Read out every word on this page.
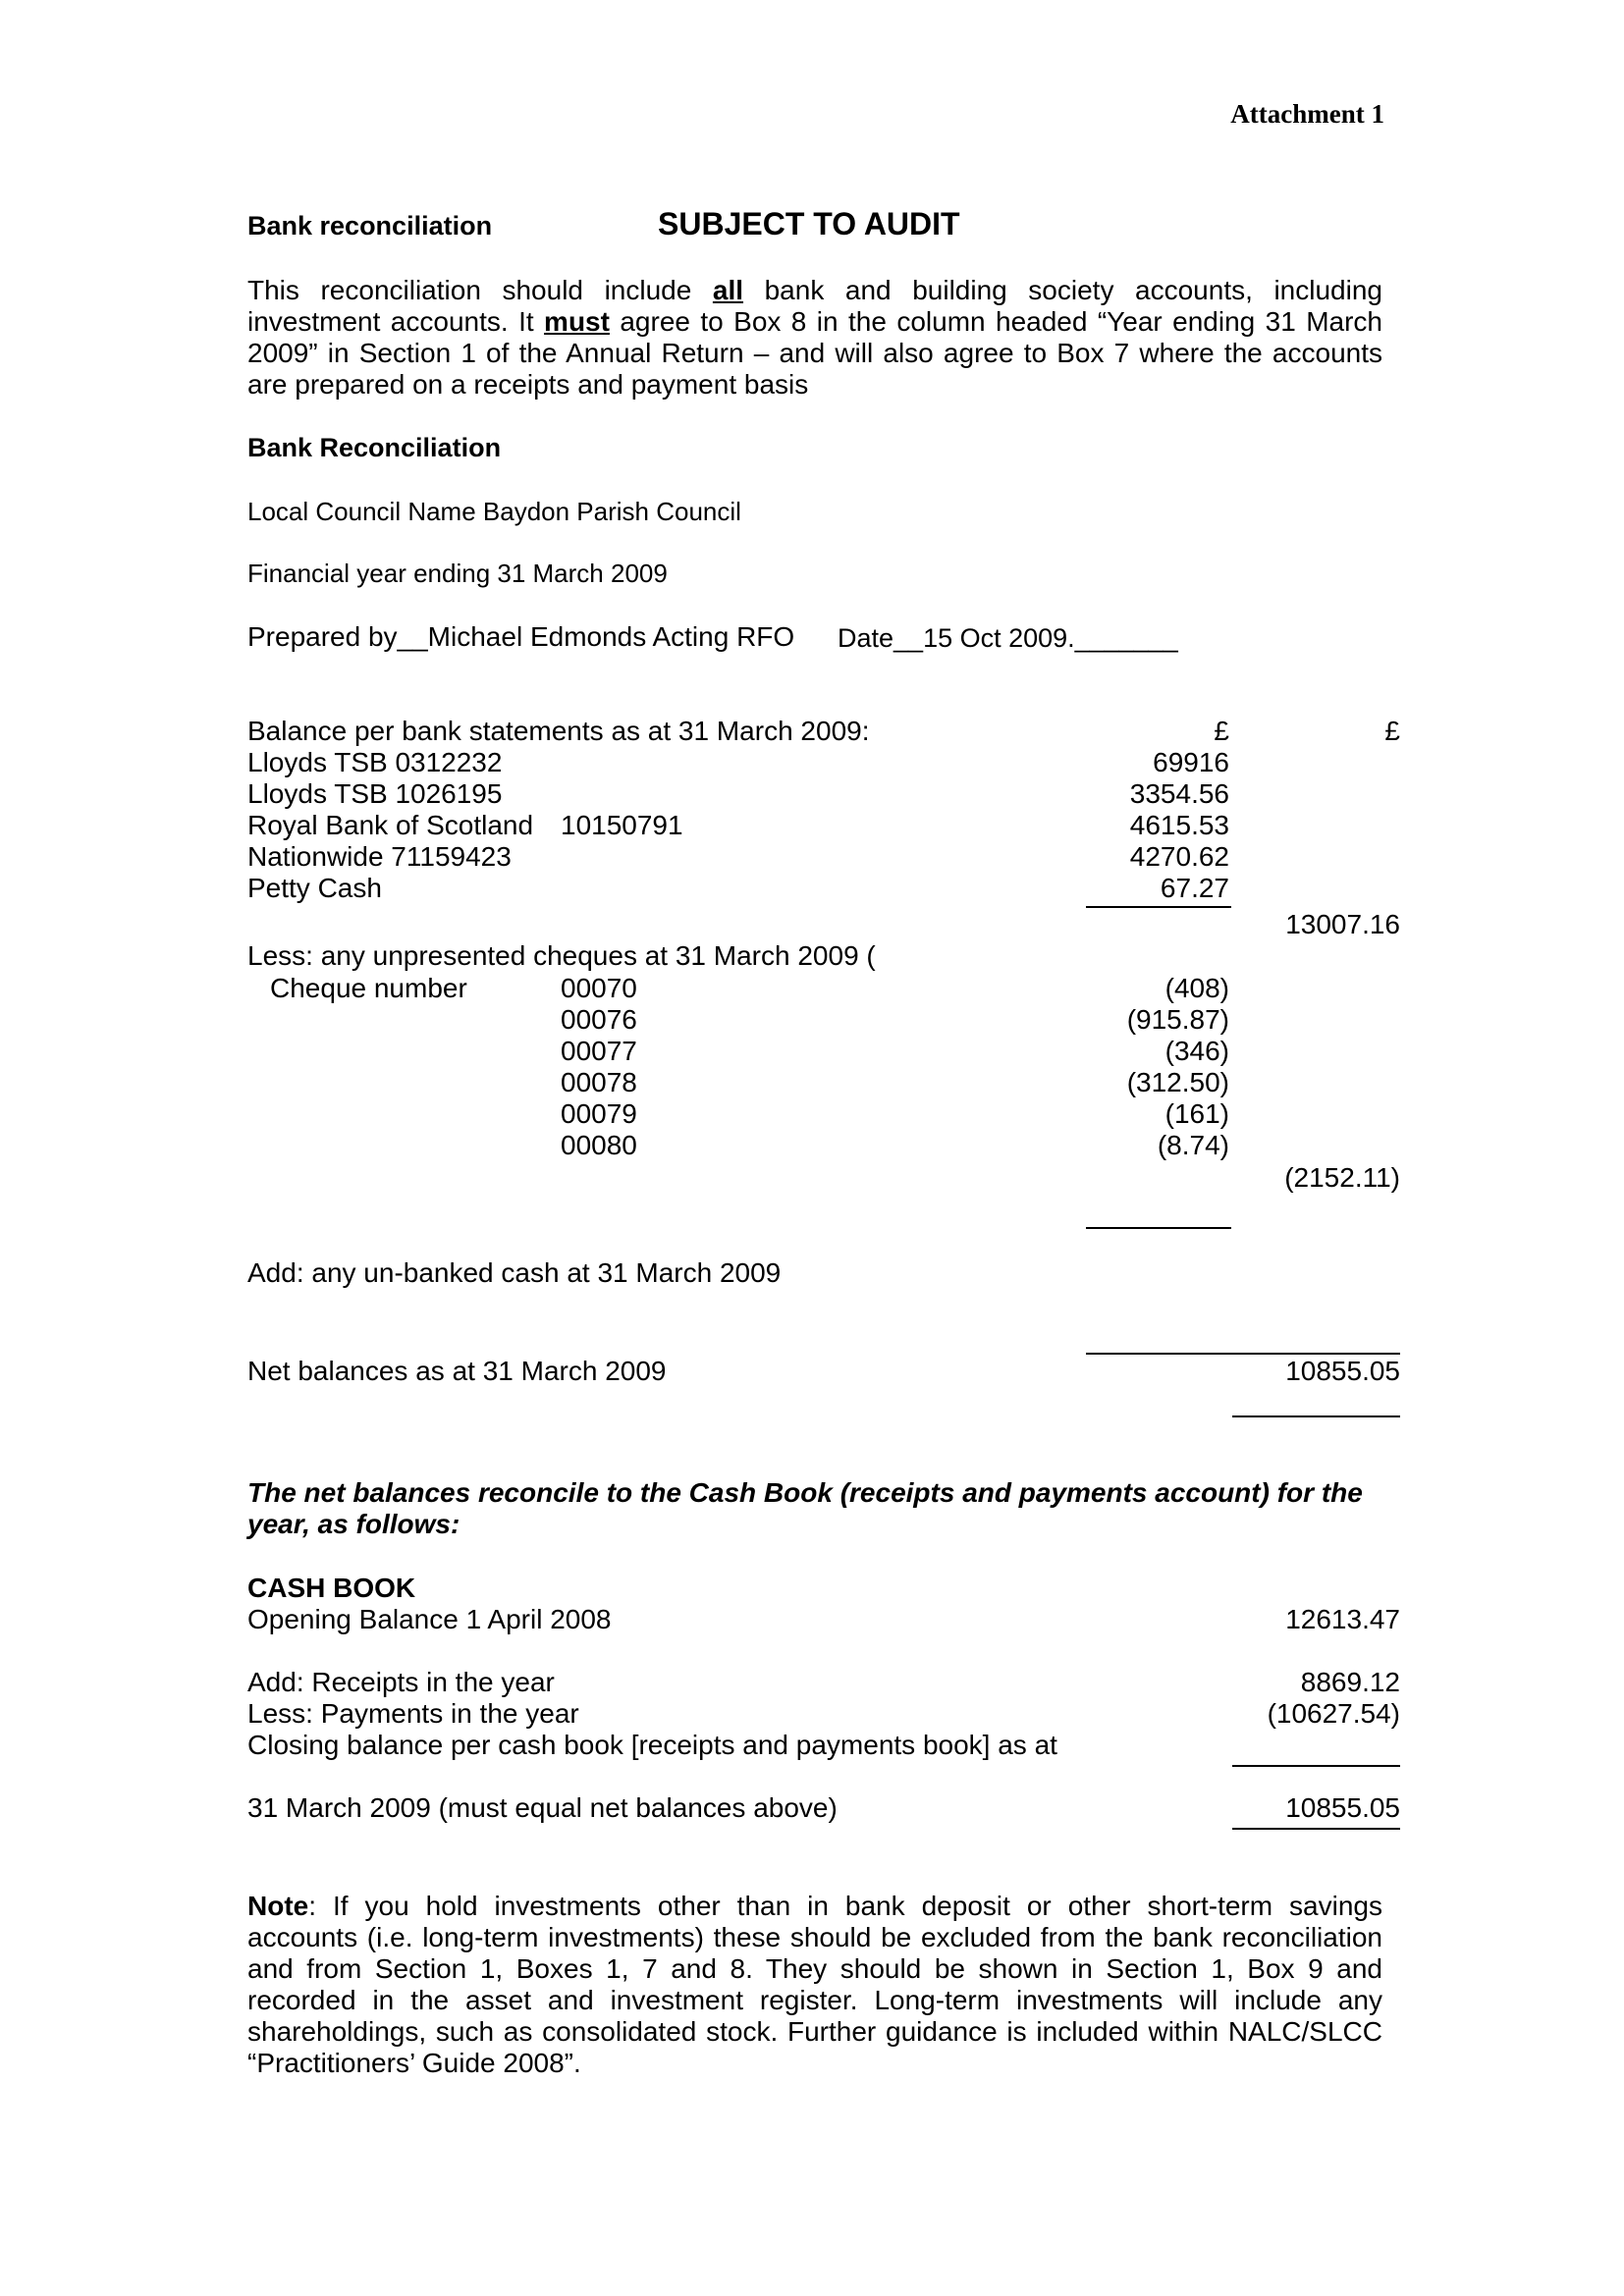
Attachment 1
Bank reconciliation	SUBJECT TO AUDIT
This reconciliation should include all bank and building society accounts, including investment accounts. It must agree to Box 8 in the column headed “Year ending 31 March 2009” in Section 1 of the Annual Return – and will also agree to Box 7 where the accounts are prepared on a receipts and payment basis
Bank Reconciliation
Local Council Name Baydon Parish Council
Financial year ending 31 March 2009
Prepared by__Michael Edmonds Acting RFO Date__15 Oct 2009._______
Balance per bank statements as at 31 March 2009:	£	£
Lloyds TSB 0312232	69916
Lloyds TSB 1026195	3354.56
Royal Bank of Scotland 10150791	4615.53
Nationwide 71159423	4270.62
Petty Cash	67.27
13007.16
Less: any unpresented cheques at 31 March 2009 (
Cheque number	00070	(408)
00076	(915.87)
00077	(346)
00078	(312.50)
00079	(161)
00080	(8.74)
(2152.11)
Add: any un-banked cash at 31 March 2009
Net balances as at 31 March 2009	10855.05
The net balances reconcile to the Cash Book (receipts and payments account) for the year, as follows:
CASH BOOK
Opening Balance 1 April 2008	12613.47
Add: Receipts in the year	8869.12
Less: Payments in the year	(10627.54)
Closing balance per cash book [receipts and payments book] as at
31 March 2009 (must equal net balances above)	10855.05
Note: If you hold investments other than in bank deposit or other short-term savings accounts (i.e. long-term investments) these should be excluded from the bank reconciliation and from Section 1, Boxes 1, 7 and 8. They should be shown in Section 1, Box 9 and recorded in the asset and investment register. Long-term investments will include any shareholdings, such as consolidated stock. Further guidance is included within NALC/SLCC “Practitioners’ Guide 2008”.
